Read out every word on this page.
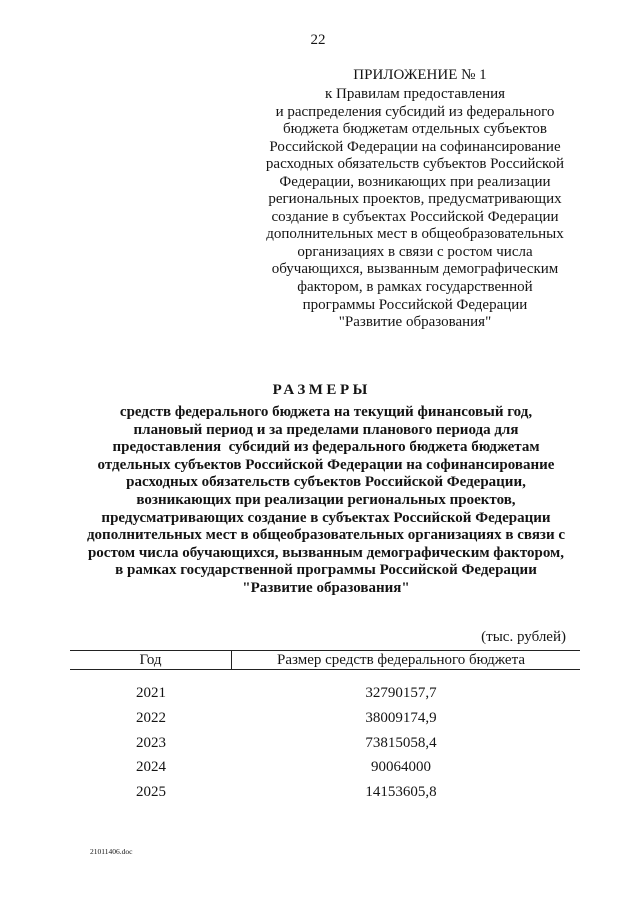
22
ПРИЛОЖЕНИЕ № 1
к Правилам предоставления
и распределения субсидий из федерального
бюджета бюджетам отдельных субъектов
Российской Федерации на софинансирование
расходных обязательств субъектов Российской
Федерации, возникающих при реализации
региональных проектов, предусматривающих
создание в субъектах Российской Федерации
дополнительных мест в общеобразовательных
организациях в связи с ростом числа
обучающихся, вызванным демографическим
фактором, в рамках государственной
программы Российской Федерации
"Развитие образования"
РАЗМЕРЫ
средств федерального бюджета на текущий финансовый год,
плановый период и за пределами планового периода для
предоставления  субсидий из федерального бюджета бюджетам
отдельных субъектов Российской Федерации на софинансирование
расходных обязательств субъектов Российской Федерации,
возникающих при реализации региональных проектов,
предусматривающих создание в субъектах Российской Федерации
дополнительных мест в общеобразовательных организациях в связи с
ростом числа обучающихся, вызванным демографическим фактором,
в рамках государственной программы Российской Федерации
"Развитие образования"
(тыс. рублей)
Год	Размер средств федерального бюджета
2021	32790157,7
2022	38009174,9
2023	73815058,4
2024	90064000
2025	14153605,8
21011406.doc
